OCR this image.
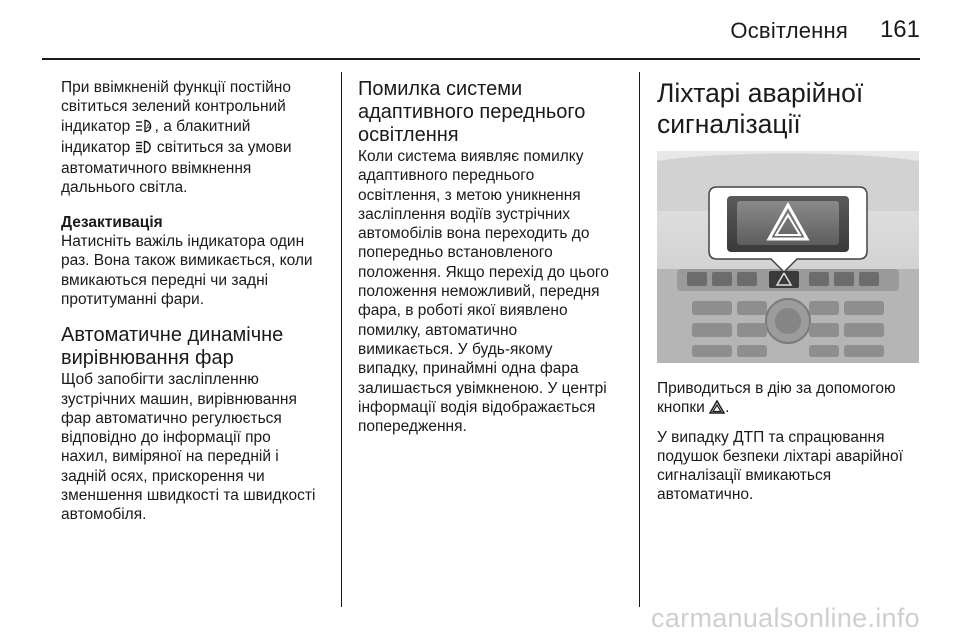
Освітлення 161

При ввімкненій функції постійно
світиться зелений контрольний
індикатор A , а блакитний
індикатор  світиться за умови
автоматичного ввімкнення
дальнього світла.

Дезактивація

Натисніть важіль індикатора один
раз. Вона також вимикається, коли
вмикаються передні чи задні
протитуманні фари.

Автоматичне динамічне
вирівнювання фар

Щоб запобігти засліпленню
зустрічних машин, вирівнювання
фар автоматично регулюється
відповідно до інформації про
нахил, виміряної на передній і
задній осях, прискорення чи
зменшення швидкості та швидкості
автомобіля.

Помилка системи
адаптивного переднього
освітлення

Коли система виявляє помилку
адаптивного переднього
освітлення, з метою уникнення
засліплення водіїв зустрічних
автомобілів вона переходить до
попередньо встановленого
положення. Якщо перехід до цього
положення неможливий, передня
фара, в роботі якої виявлено
помилку, автоматично
вимикається. У будь-якому
випадку, принаймні одна фара
залишається увімкненою. У центрі
інформації водія відображається
попередження.

Ліхтарі аварійної
сигналізації

Приводиться в дію за допомогою
кнопки .

У випадку ДТП та спрацювання
подушок безпеки ліхтарі аварійної
сигналізації вмикаються
автоматично.

carmanualsonline.info
